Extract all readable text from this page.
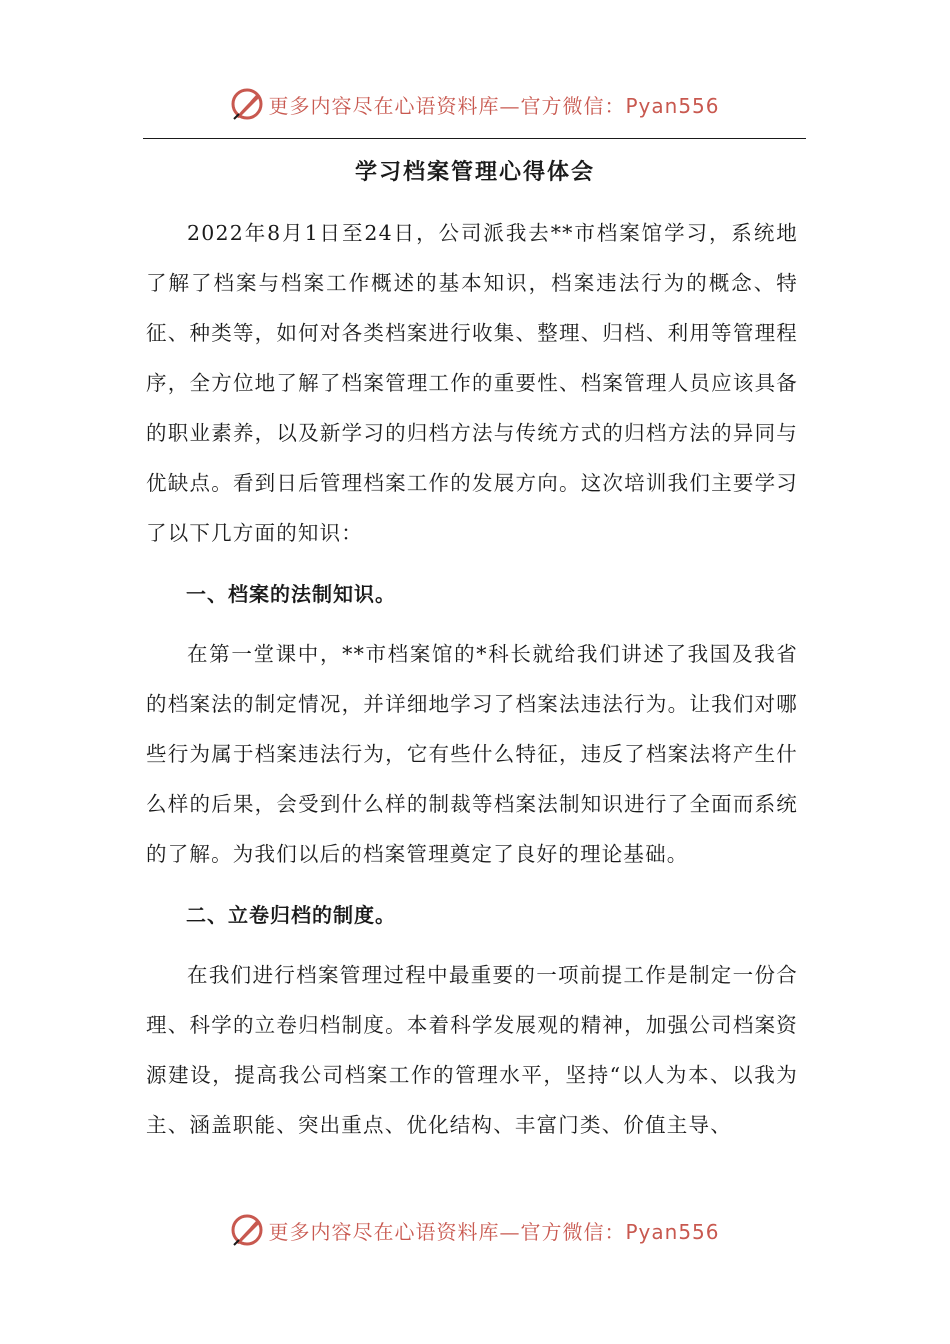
更多内容尽在心语资料库—官方微信：Pyan556
学习档案管理心得体会

2022年8月1日至24日，公司派我去**市档案馆学习，系统地了解了档案与档案工作概述的基本知识，档案违法行为的概念、特征、种类等，如何对各类档案进行收集、整理、归档、利用等管理程序，全方位地了解了档案管理工作的重要性、档案管理人员应该具备的职业素养，以及新学习的归档方法与传统方式的归档方法的异同与优缺点。看到日后管理档案工作的发展方向。这次培训我们主要学习了以下几方面的知识：

一、档案的法制知识。

在第一堂课中，**市档案馆的*科长就给我们讲述了我国及我省的档案法的制定情况，并详细地学习了档案法违法行为。让我们对哪些行为属于档案违法行为，它有些什么特征，违反了档案法将产生什么样的后果，会受到什么样的制裁等档案法制知识进行了全面而系统的了解。为我们以后的档案管理奠定了良好的理论基础。

二、立卷归档的制度。

在我们进行档案管理过程中最重要的一项前提工作是制定一份合理、科学的立卷归档制度。本着科学发展观的精神，加强公司档案资源建设，提高我公司档案工作的管理水平，坚持“以人为本、以我为主、涵盖职能、突出重点、优化结构、丰富门类、价值主导、

更多内容尽在心语资料库—官方微信：Pyan556
